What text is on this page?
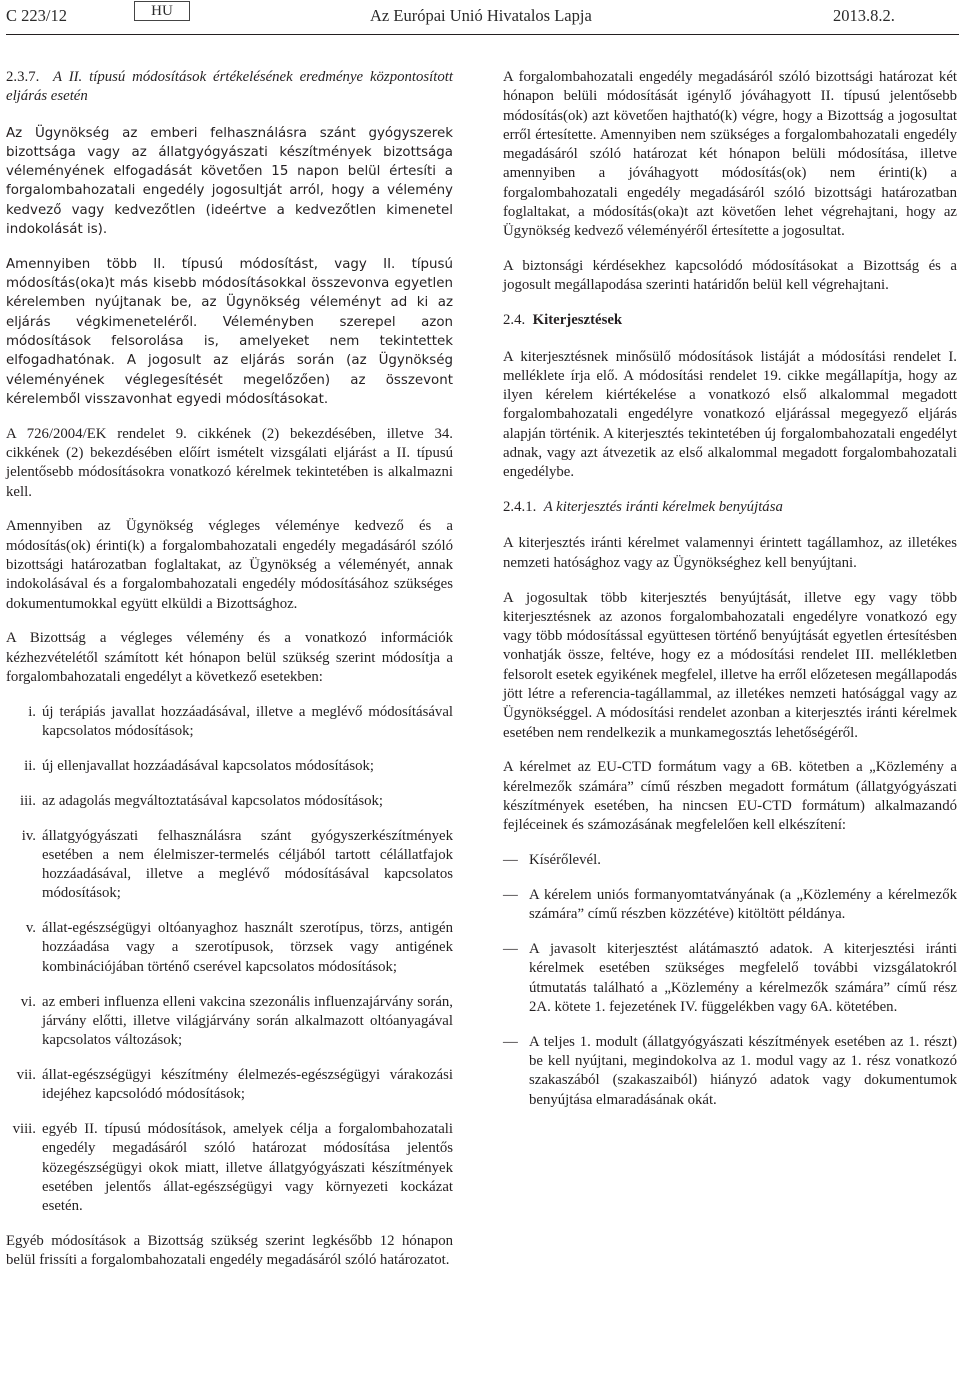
C 223/12	HU	Az Európai Unió Hivatalos Lapja	2013.8.2.

2.3.7. A II. típusú módosítások értékelésének eredménye központosított eljárás esetén

Az Ügynökség az emberi felhasználásra szánt gyógyszerek bizottsága vagy az állatgyógyászati készítmények bizottsága véleményének elfogadását követően 15 napon belül értesíti a forgalombahozatali engedély jogosultját arról, hogy a vélemény kedvező vagy kedvezőtlen (ideértve a kedvezőtlen kimenetel indokolását is).

Amennyiben több II. típusú módosítást, vagy II. típusú módosítás(oka)t más kisebb módosításokkal összevonva egyetlen kérelemben nyújtanak be, az Ügynökség véleményt ad ki az eljárás végkimeneteléről. Véleményben szerepel azon módosítások felsorolása is, amelyeket nem tekintettek elfogadhatónak. A jogosult az eljárás során (az Ügynökség véleményének véglegesítését megelőzően) az összevont kérelemből visszavonhat egyedi módosításokat.

A 726/2004/EK rendelet 9. cikkének (2) bekezdésében, illetve 34. cikkének (2) bekezdésében előírt ismételt vizsgálati eljárást a II. típusú jelentősebb módosításokra vonatkozó kérelmek tekintetében is alkalmazni kell.

Amennyiben az Ügynökség végleges véleménye kedvező és a módosítás(ok) érinti(k) a forgalombahozatali engedély megadásáról szóló bizottsági határozatban foglaltakat, az Ügynökség a véleményét, annak indokolásával és a forgalombahozatali engedély módosításához szükséges dokumentumokkal együtt elküldi a Bizottsághoz.

A Bizottság a végleges vélemény és a vonatkozó információk kézhezvételétől számított két hónapon belül szükség szerint módosítja a forgalombahozatali engedélyt a következő esetekben:

i. új terápiás javallat hozzáadásával, illetve a meglévő módosításával kapcsolatos módosítások;
ii. új ellenjavallat hozzáadásával kapcsolatos módosítások;
iii. az adagolás megváltoztatásával kapcsolatos módosítások;
iv. állatgyógyászati felhasználásra szánt gyógyszerkészítmények esetében a nem élelmiszer-termelés céljából tartott célállatfajok hozzáadásával, illetve a meglévő módosításával kapcsolatos módosítások;
v. állat-egészségügyi oltóanyaghoz használt szerotípus, törzs, antigén hozzáadása vagy a szerotípusok, törzsek vagy antigének kombinációjában történő cserével kapcsolatos módosítások;
vi. az emberi influenza elleni vakcina szezonális influenzajárvány során, járvány előtti, illetve világjárvány során alkalmazott oltóanyagával kapcsolatos változások;
vii. állat-egészségügyi készítmény élelmezés-egészségügyi várakozási idejéhez kapcsolódó módosítások;
viii. egyéb II. típusú módosítások, amelyek célja a forgalombahozatali engedély megadásáról szóló határozat módosítása jelentős közegészségügyi okok miatt, illetve állatgyógyászati készítmények esetében jelentős állat-egészségügyi vagy környezeti kockázat esetén.

Egyéb módosítások a Bizottság szükség szerint legkésőbb 12 hónapon belül frissíti a forgalombahozatali engedély megadásáról szóló határozatot.

A forgalombahozatali engedély megadásáról szóló bizottsági határozat két hónapon belüli módosítását igénylő jóváhagyott II. típusú jelentősebb módosítás(ok) azt követően hajtható(k) végre, hogy a Bizottság a jogosultat erről értesítette. Amennyiben nem szükséges a forgalombahozatali engedély megadásáról szóló határozat két hónapon belüli módosítása, illetve amennyiben a jóváhagyott módosítás(ok) nem érinti(k) a forgalombahozatali engedély megadásáról szóló bizottsági határozatban foglaltakat, a módosítás(oka)t azt követően lehet végrehajtani, hogy az Ügynökség kedvező véleményéről értesítette a jogosultat.

A biztonsági kérdésekhez kapcsolódó módosításokat a Bizottság és a jogosult megállapodása szerinti határidőn belül kell végrehajtani.

2.4. Kiterjesztések

A kiterjesztésnek minősülő módosítások listáját a módosítási rendelet I. melléklete írja elő. A módosítási rendelet 19. cikke megállapítja, hogy az ilyen kérelem kiértékelése a vonatkozó első alkalommal megadott forgalombahozatali engedélyre vonatkozó eljárással megegyező eljárás alapján történik. A kiterjesztés tekintetében új forgalombahozatali engedélyt adnak, vagy azt átvezetik az első alkalommal megadott forgalombahozatali engedélybe.

2.4.1. A kiterjesztés iránti kérelmek benyújtása

A kiterjesztés iránti kérelmet valamennyi érintett tagállamhoz, az illetékes nemzeti hatósághoz vagy az Ügynökséghez kell benyújtani.

A jogosultak több kiterjesztés benyújtását, illetve egy vagy több kiterjesztésnek az azonos forgalombahozatali engedélyre vonatkozó egy vagy több módosítással együttesen történő benyújtását egyetlen értesítésben vonhatják össze, feltéve, hogy ez a módosítási rendelet III. mellékletben felsorolt esetek egyikének megfelel, illetve ha erről előzetesen megállapodás jött létre a referencia-tagállammal, az illetékes nemzeti hatósággal vagy az Ügynökséggel. A módosítási rendelet azonban a kiterjesztés iránti kérelmek esetében nem rendelkezik a munkamegosztás lehetőségéről.

A kérelmet az EU-CTD formátum vagy a 6B. kötetben a „Közlemény a kérelmezők számára” című részben megadott formátum (állatgyógyászati készítmények esetében, ha nincsen EU-CTD formátum) alkalmazandó fejléceinek és számozásának megfelelően kell elkészítení:

— Kísérőlevél.
— A kérelem uniós formanyomtatványának (a „Közlemény a kérelmezők számára” című részben közzétéve) kitöltött példánya.
— A javasolt kiterjesztést alátámasztó adatok. A kiterjesztési iránti kérelmek esetében szükséges megfelelő további vizsgálatokról útmutatás található a „Közlemény a kérelmezők számára” című rész 2A. kötete 1. fejezetének IV. függelékben vagy 6A. kötetében.
— A teljes 1. modult (állatgyógyászati készítmények esetében az 1. részt) be kell nyújtani, megindokolva az 1. modul vagy az 1. rész vonatkozó szakaszából (szakaszaiból) hiányzó adatok vagy dokumentumok benyújtása elmaradásának okát.
